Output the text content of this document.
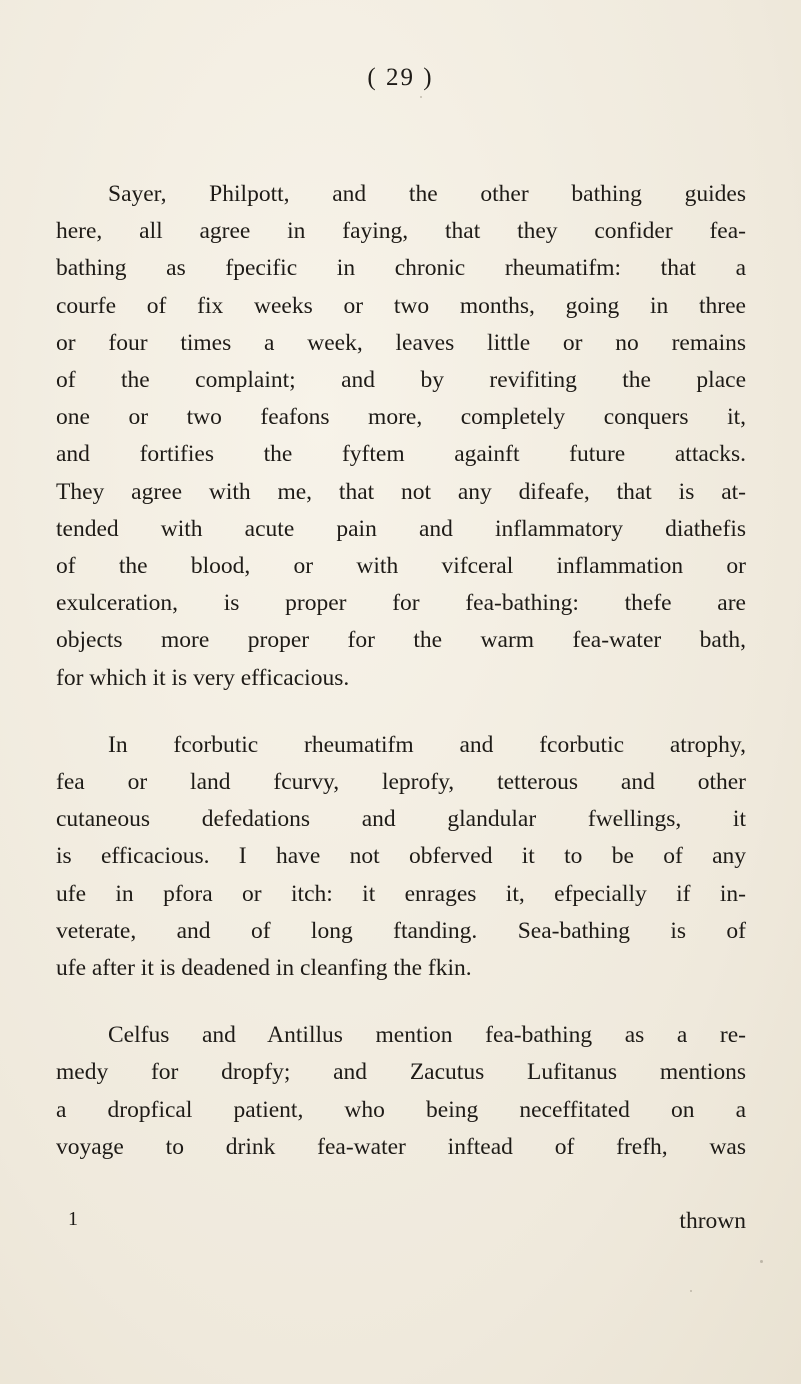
( 29 )

Sayer, Philpott, and the other bathing guides
here, all agree in faying, that they confider fea-
bathing as fpecific in chronic rheumatifm: that a
courfe of fix weeks or two months, going in three
or four times a week, leaves little or no remains
of the complaint; and by revifiting the place
one or two feafons more, completely conquers it,
and fortifies the fyftem againft future attacks.
They agree with me, that not any difeafe, that is at-
tended with acute pain and inflammatory diathefis
of the blood, or with vifceral inflammation or
exulceration, is proper for fea-bathing: thefe are
objects more proper for the warm fea-water bath,
for which it is very efficacious.

In fcorbutic rheumatifm and fcorbutic atrophy,
fea or land fcurvy, leprofy, tetterous and other
cutaneous defedations and glandular fwellings, it
is efficacious. I have not obferved it to be of any
ufe in pfora or itch: it enrages it, efpecially if in-
veterate, and of long ftanding. Sea-bathing is of
ufe after it is deadened in cleanfing the fkin.

Celfus and Antillus mention fea-bathing as a re-
medy for dropfy; and Zacutus Lufitanus mentions
a dropfical patient, who being neceffitated on a
voyage to drink fea-water inftead of frefh, was

1	thrown
